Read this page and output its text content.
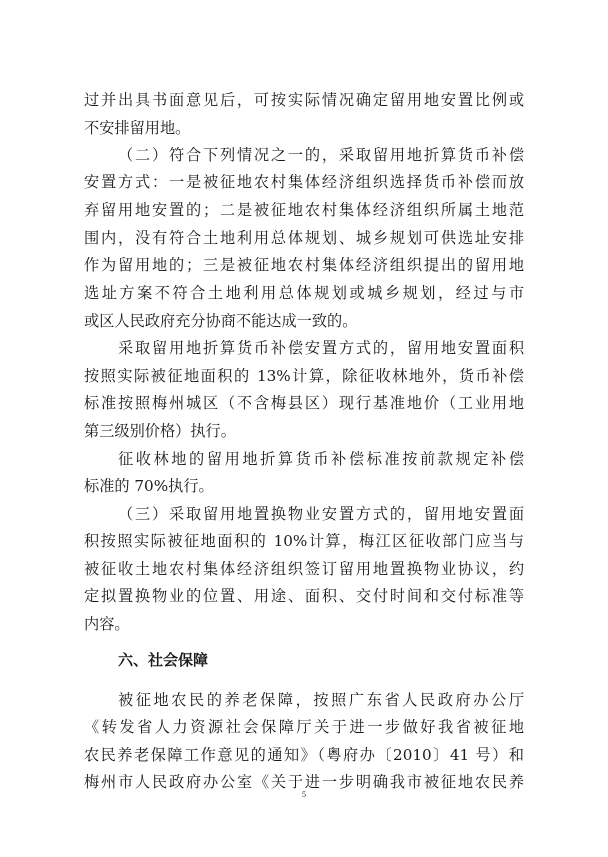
过并出具书面意见后，可按实际情况确定留用地安置比例或
不安排留用地。
（二）符合下列情况之一的，采取留用地折算货币补偿
安置方式：一是被征地农村集体经济组织选择货币补偿而放
弃留用地安置的；二是被征地农村集体经济组织所属土地范
围内，没有符合土地利用总体规划、城乡规划可供选址安排
作为留用地的；三是被征地农村集体经济组织提出的留用地
选址方案不符合土地利用总体规划或城乡规划，经过与市
或区人民政府充分协商不能达成一致的。
采取留用地折算货币补偿安置方式的，留用地安置面积
按照实际被征地面积的 13%计算，除征收林地外，货币补偿
标准按照梅州城区（不含梅县区）现行基准地价（工业用地
第三级别价格）执行。
征收林地的留用地折算货币补偿标准按前款规定补偿
标准的 70%执行。
（三）采取留用地置换物业安置方式的，留用地安置面
积按照实际被征地面积的 10%计算，梅江区征收部门应当与
被征收土地农村集体经济组织签订留用地置换物业协议，约
定拟置换物业的位置、用途、面积、交付时间和交付标准等
内容。
六、社会保障
被征地农民的养老保障，按照广东省人民政府办公厅
《转发省人力资源社会保障厅关于进一步做好我省被征地
农民养老保障工作意见的通知》（粤府办〔2010〕41 号）和
梅州市人民政府办公室《关于进一步明确我市被征地农民养
5
